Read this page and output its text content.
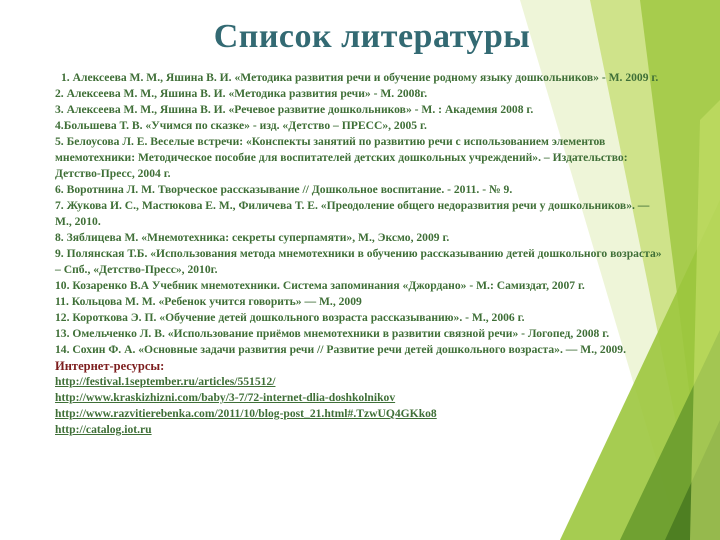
Список литературы

1. Алексеева М. М., Яшина В. И. «Методика развития речи и обучение родному языку дошкольников» - М. 2009 г.

2. Алексеева М. М., Яшина В. И. «Методика развития речи» - М. 2008г.

3. Алексеева М. М., Яшина В. И. «Речевое развитие дошкольников» - М. : Академия 2008 г.

4.Большева Т. В. «Учимся по сказке» - изд. «Детство – ПРЕСС», 2005 г.

5. Белоусова Л. Е. Веселые встречи: «Конспекты занятий по развитию речи с использованием элементов мнемотехники: Методическое пособие для воспитателей детских дошкольных учреждений». – Издательство: Детство-Пресс, 2004 г.

6. Воротнина Л. М. Творческое рассказывание // Дошкольное воспитание. - 2011. - № 9.

7. Жукова И. С., Мастюкова Е. М., Филичева Т. Е. «Преодоление общего недоразвития речи у дошкольников». — М., 2010.

8. Зяблицева М. «Мнемотехника: секреты суперпамяти», М., Эксмо, 2009 г.

9. Полянская Т.Б. «Использования метода мнемотехники в обучению рассказыванию детей дошкольного возраста» – Спб., «Детство-Пресс», 2010г.

10. Козаренко В.А Учебник мнемотехники. Система запоминания «Джордано» - М.: Самиздат, 2007 г.

11. Кольцова М. М. «Ребенок учится говорить» — М., 2009

12. Короткова Э. П. «Обучение детей дошкольного возраста рассказыванию». - М., 2006 г.

13. Омельченко Л. В. «Использование приёмов мнемотехники в развитии связной речи» - Логопед, 2008 г.

14. Сохин Ф. А. «Основные задачи развития речи // Развитие речи детей дошкольного возраста». — М., 2009.

Интернет-ресурсы:

http://festival.1september.ru/articles/551512/
http://www.kraskizhizni.com/baby/3-7/72-internet-dlia-doshkolnikov
http://www.razvitierebenka.com/2011/10/blog-post_21.html#.TzwUQ4GKko8
http://catalog.iot.ru
